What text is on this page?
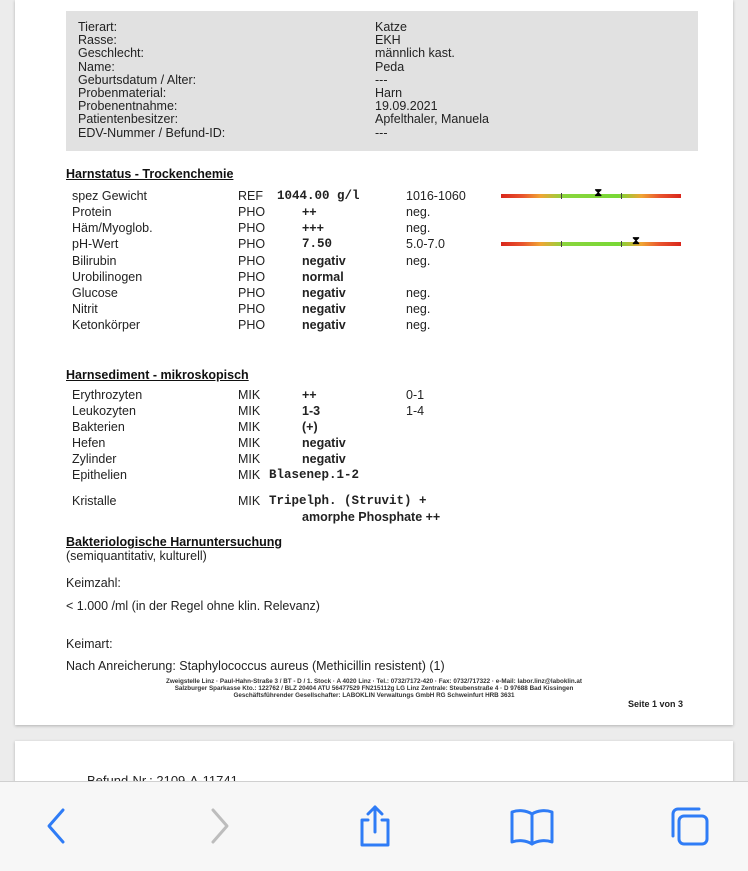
Tierart:	Katze
Rasse:	EKH
Geschlecht:	männlich kast.
Name:	Peda
Geburtsdatum / Alter:	---
Probenmaterial:	Harn
Probenentnahme:	19.09.2021
Patientenbesitzer:	Apfelthaler, Manuela
EDV-Nummer / Befund-ID:	---
Harnstatus - Trockenchemie
spez Gewicht	REF 1044.00 g/l	1016-1060	⧗
Protein	PHO	++	neg.
Häm/Myoglob.	PHO	+++	neg.
pH-Wert	PHO	7.50	5.0-7.0	⧗
Bilirubin	PHO	negativ	neg.
Urobilinogen	PHO	normal
Glucose	PHO	negativ	neg.
Nitrit	PHO	negativ	neg.
Ketonkörper	PHO	negativ	neg.
Harnsediment - mikroskopisch
Erythrozyten	MIK	++	0-1
Leukozyten	MIK	1-3	1-4
Bakterien	MIK	(+)
Hefen	MIK	negativ
Zylinder	MIK	negativ
Epithelien	MIK Blasenep.1-2
Kristalle	MIK Tripelph. (Struvit) +
amorphe Phosphate ++
Bakteriologische Harnuntersuchung
(semiquantitativ, kulturell)
Keimzahl:
< 1.000 /ml (in der Regel ohne klin. Relevanz)
Keimart:
Nach Anreicherung: Staphylococcus aureus (Methicillin resistent) (1)
Zweigstelle Linz · Paul-Hahn-Straße 3 / BT - D / 1. Stock · A 4020 Linz · Tel.: 0732/7172-420 · Fax: 0732/717322 · e-Mail: labor.linz@laboklin.at
Salzburger Sparkasse Kto.: 122762 / BLZ 20404 ATU 56477529 FN215112g LG Linz Zentrale: Steubenstraße 4 · D 97688 Bad Kissingen
Geschäftsführender Gesellschafter: LABOKLIN Verwaltungs GmbH RG Schweinfurt HRB 3631
Seite 1 von 3
